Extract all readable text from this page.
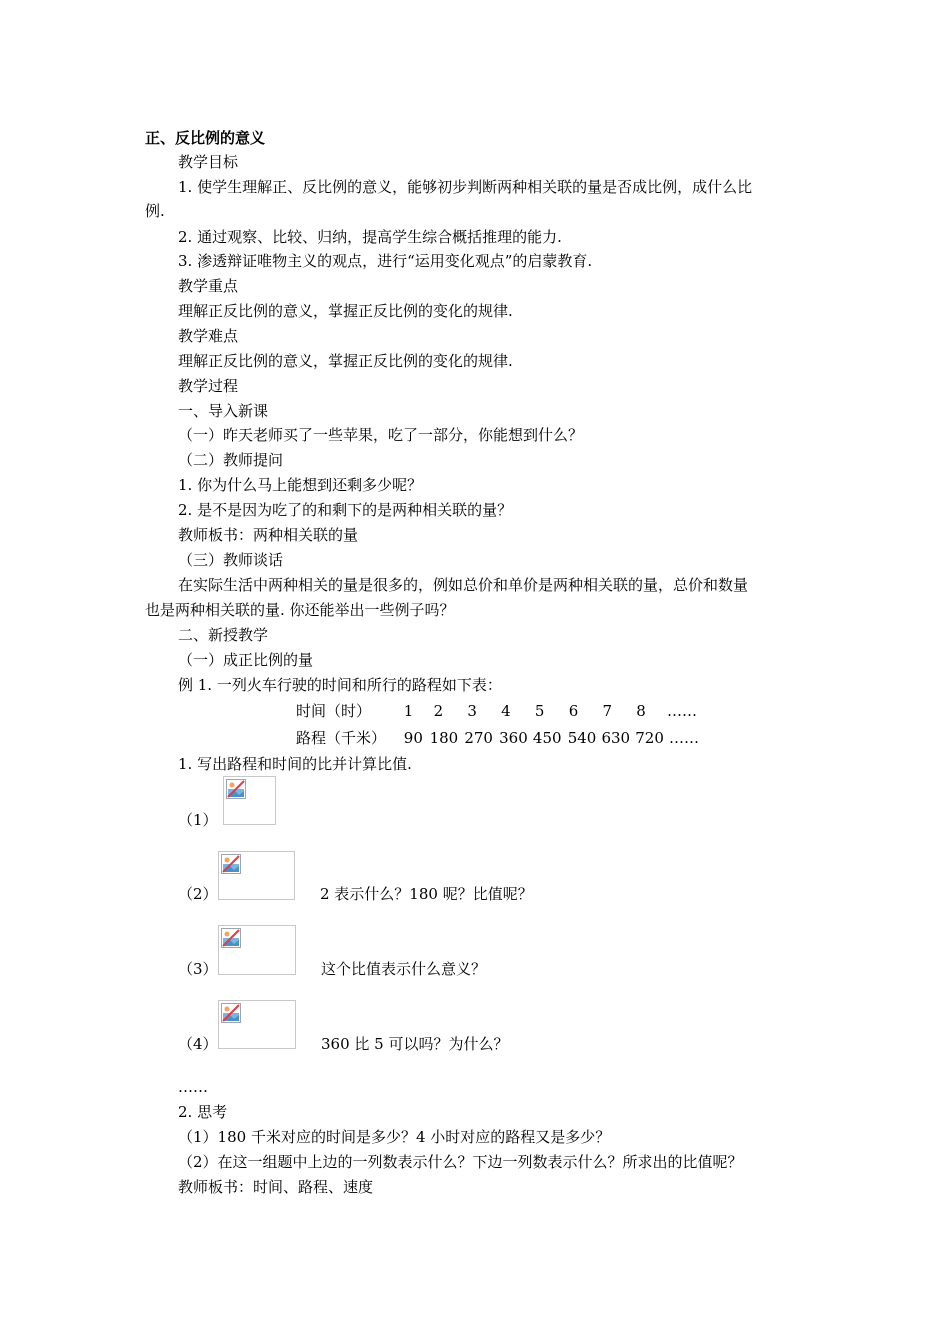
正、反比例的意义
教学目标
1. 使学生理解正、反比例的意义，能够初步判断两种相关联的量是否成比例，成什么比
例.
2. 通过观察、比较、归纳，提高学生综合概括推理的能力.
3. 渗透辩证唯物主义的观点，进行“运用变化观点”的启蒙教育.
教学重点
理解正反比例的意义，掌握正反比例的变化的规律.
教学难点
理解正反比例的意义，掌握正反比例的变化的规律.
教学过程
一、导入新课
（一）昨天老师买了一些苹果，吃了一部分，你能想到什么？
（二）教师提问
1. 你为什么马上能想到还剩多少呢？
2. 是不是因为吃了的和剩下的是两种相关联的量？
教师板书：两种相关联的量
（三）教师谈话
在实际生活中两种相关的量是很多的，例如总价和单价是两种相关联的量，总价和数量
也是两种相关联的量. 你还能举出一些例子吗？
二、新授教学
（一）成正比例的量
例 1. 一列火车行驶的时间和所行的路程如下表：
时间（时） 1 2 3 4 5 6 7 8 ……
路程（千米） 90 180 270 360 450 540 630 720 ……
1. 写出路程和时间的比并计算比值.
（1）
（2）	2 表示什么？180 呢？比值呢？
（3）	这个比值表示什么意义？
（4）	360 比 5 可以吗？为什么？
……
2. 思考
（1）180 千米对应的时间是多少？4 小时对应的路程又是多少？
（2）在这一组题中上边的一列数表示什么？下边一列数表示什么？所求出的比值呢？
教师板书：时间、路程、速度
